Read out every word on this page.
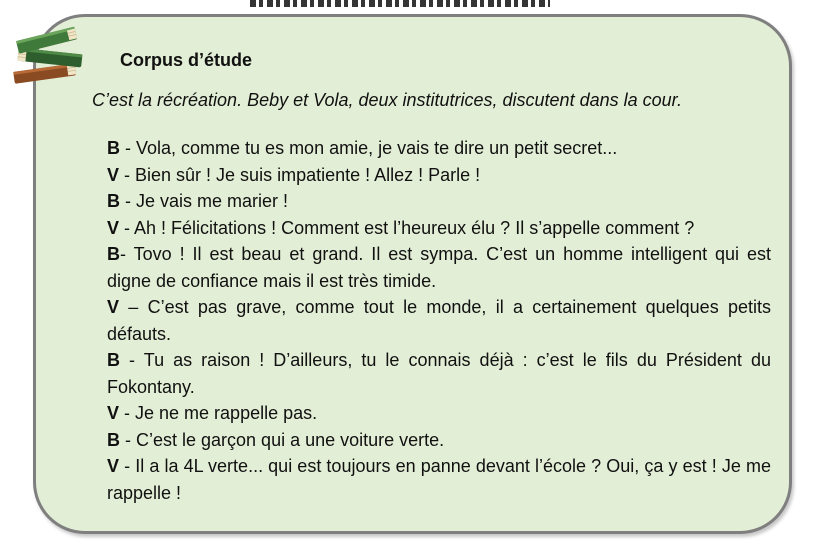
Corpus d’étude
C’est la récréation. Beby et Vola, deux institutrices, discutent dans la cour.

B - Vola, comme tu es mon amie, je vais te dire un petit secret...

V - Bien sûr ! Je suis impatiente ! Allez ! Parle !

B - Je vais me marier !

V - Ah ! Félicitations ! Comment est l’heureux élu ? Il s’appelle comment ?

B- Tovo ! Il est beau et grand. Il est sympa. C’est un homme intelligent qui est digne de confiance mais il est très timide.

V – C’est pas grave, comme tout le monde, il a certainement quelques petits défauts.

B - Tu as raison ! D’ailleurs, tu le connais déjà : c’est le fils du Président du Fokontany.

V - Je ne me rappelle pas.

B - C’est le garçon qui a une voiture verte.

V - Il a la 4L verte... qui est toujours en panne devant l’école ? Oui, ça y est ! Je me rappelle !
